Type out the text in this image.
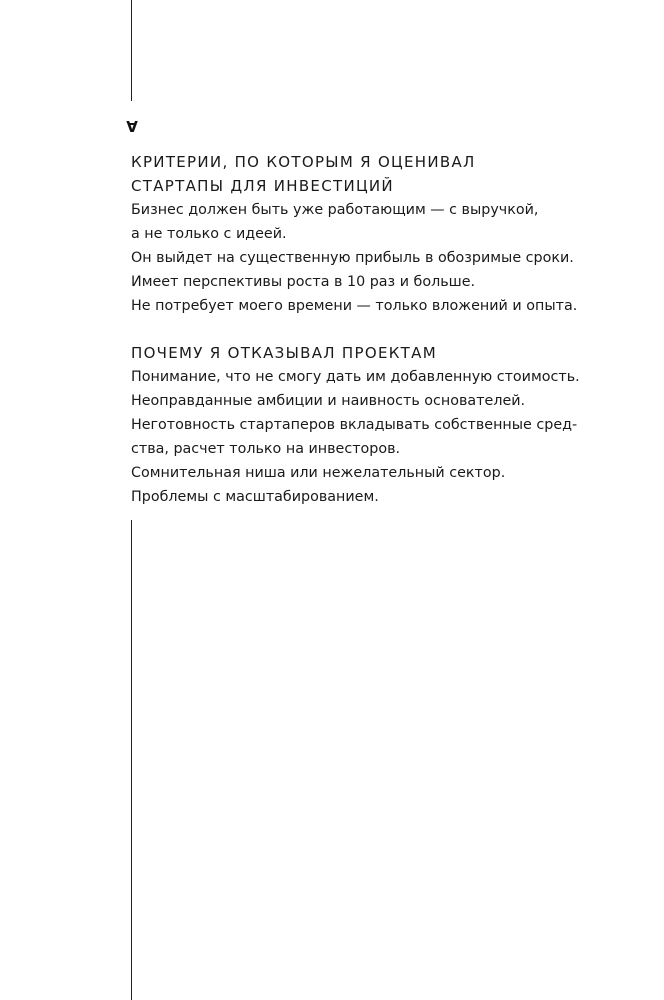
A
КРИТЕРИИ, ПО КОТОРЫМ Я ОЦЕНИВАЛ
СТАРТАПЫ ДЛЯ ИНВЕСТИЦИЙ

Бизнес должен быть уже работающим — с выручкой,
а не только с идеей.

Он выйдет на существенную прибыль в обозримые сроки.

Имеет перспективы роста в 10 раз и больше.

Не потребует моего времени — только вложений и опыта.

ПОЧЕМУ Я ОТКАЗЫВАЛ ПРОЕКТАМ

Понимание, что не смогу дать им добавленную стоимость.

Неоправданные амбиции и наивность основателей.

Неготовность стартаперов вкладывать собственные сред-
ства, расчет только на инвесторов.

Сомнительная ниша или нежелательный сектор.

Проблемы с масштабированием.
